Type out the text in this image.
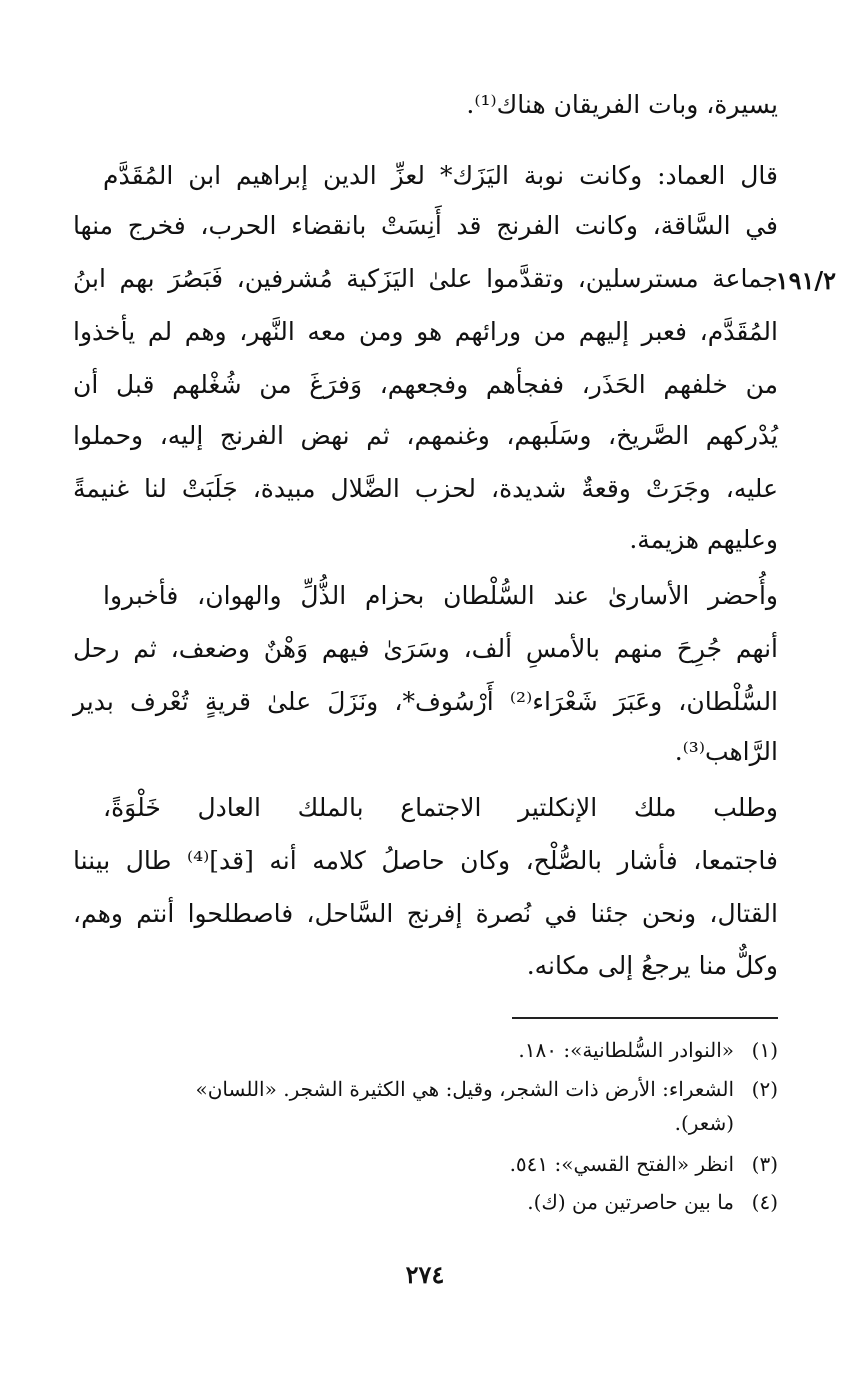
يسيرة، وبات الفريقان هناك⁽¹⁾.
قال العماد: وكانت نوبة اليَزَك* لعزِّ الدين إبراهيم ابن المُقَدَّم
في السَّاقة، وكانت الفرنج قد أَنِسَتْ بانقضاء الحرب، فخرج منها
جماعة مسترسلين، وتقدَّموا علىٰ اليَزَكية مُشرفين، فَبَصُرَ بهم ابنُ
١٩١/٢
المُقَدَّم، فعبر إليهم من ورائهم هو ومن معه النَّهر، وهم لم يأخذوا
من خلفهم الحَذَر، ففجأهم وفجعهم، وَفرَغَ من شُغْلهم قبل أن
يُدْركهم الصَّريخ، وسَلَبهم، وغنمهم، ثم نهض الفرنج إليه، وحملوا
عليه، وجَرَتْ وقعةٌ شديدة، لحزب الضَّلال مبيدة، جَلَبَتْ لنا غنيمةً
وعليهم هزيمة.
وأُحضر الأسارىٰ عند السُّلْطان بحزام الذُّلِّ والهوان، فأخبروا
أنهم جُرِحَ منهم بالأمسِ ألف، وسَرَىٰ فيهم وَهْنٌ وضعف، ثم رحل
السُّلْطان، وعَبَرَ شَعْرَاء⁽²⁾ أَرْسُوف*، ونَزَلَ علىٰ قريةٍ تُعْرف بدير
الرَّاهب⁽³⁾.
وطلب ملك الإنكلتير الاجتماع بالملك العادل خَلْوَةً،
فاجتمعا، فأشار بالصُّلْح، وكان حاصلُ كلامه أنه [قد]⁽⁴⁾ طال بيننا
القتال، ونحن جئنا في نُصرة إفرنج السَّاحل، فاصطلحوا أنتم وهم،
وكلٌّ منا يرجعُ إلى مكانه.
(١)«النوادر السُّلطانية»: ١٨٠.
(٢)الشعراء: الأرض ذات الشجر، وقيل: هي الكثيرة الشجر. «اللسان»
(شعر).
(٣)انظر «الفتح القسي»: ٥٤١.
(٤)ما بين حاصرتين من (ك).
٢٧٤
